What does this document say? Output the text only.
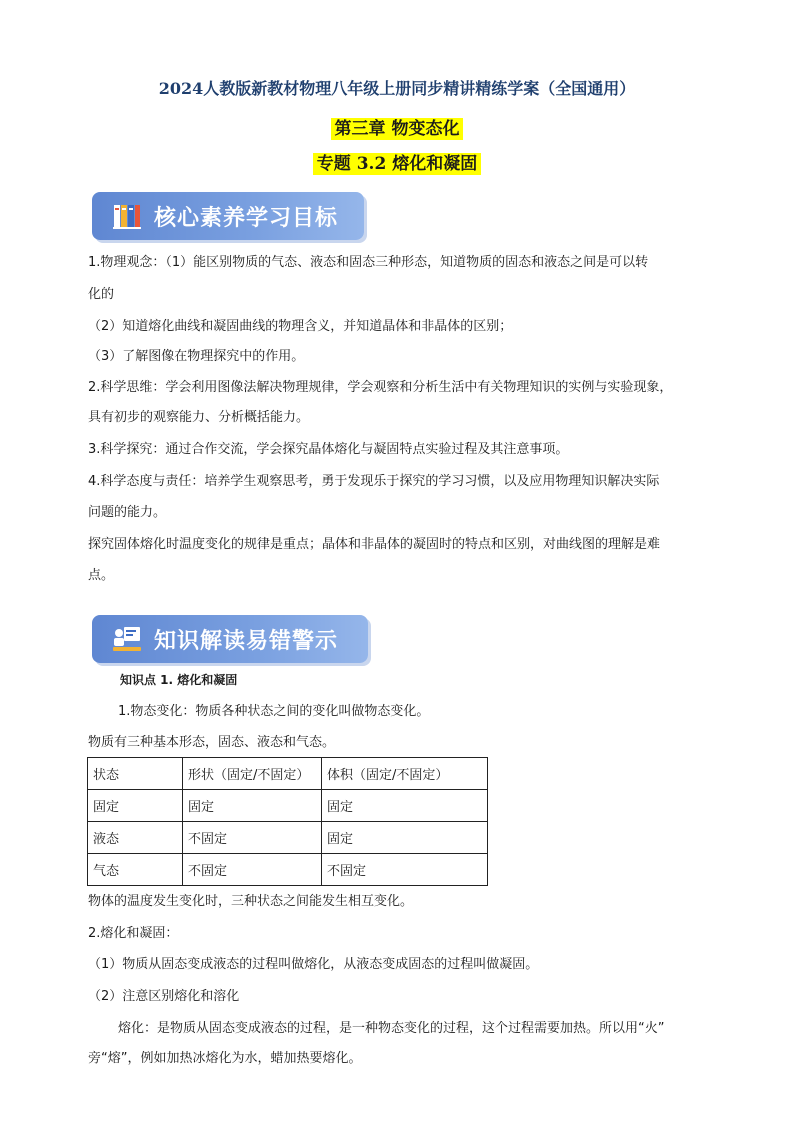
2024人教版新教材物理八年级上册同步精讲精练学案（全国通用）
第三章 物变态化
专题 3.2 熔化和凝固
核心素养学习目标
1.物理观念：（1）能区别物质的气态、液态和固态三种形态，知道物质的固态和液态之间是可以转
化的
（2）知道熔化曲线和凝固曲线的物理含义，并知道晶体和非晶体的区别；
（3）了解图像在物理探究中的作用。
2.科学思维：学会利用图像法解决物理规律，学会观察和分析生活中有关物理知识的实例与实验现象，
具有初步的观察能力、分析概括能力。
3.科学探究：通过合作交流，学会探究晶体熔化与凝固特点实验过程及其注意事项。
4.科学态度与责任：培养学生观察思考，勇于发现乐于探究的学习习惯，以及应用物理知识解决实际
问题的能力。
探究固体熔化时温度变化的规律是重点；晶体和非晶体的凝固时的特点和区别，对曲线图的理解是难
点。
知识解读易错警示
知识点 1. 熔化和凝固
1.物态变化：物质各种状态之间的变化叫做物态变化。
物质有三种基本形态，固态、液态和气态。
状态	形状（固定/不固定）	体积（固定/不固定）
固定	固定	固定
液态	不固定	固定
气态	不固定	不固定
物体的温度发生变化时，三种状态之间能发生相互变化。
2.熔化和凝固：
（1）物质从固态变成液态的过程叫做熔化，从液态变成固态的过程叫做凝固。
（2）注意区别熔化和溶化
熔化：是物质从固态变成液态的过程，是一种物态变化的过程，这个过程需要加热。所以用“火”
旁“熔”，例如加热冰熔化为水，蜡加热要熔化。
